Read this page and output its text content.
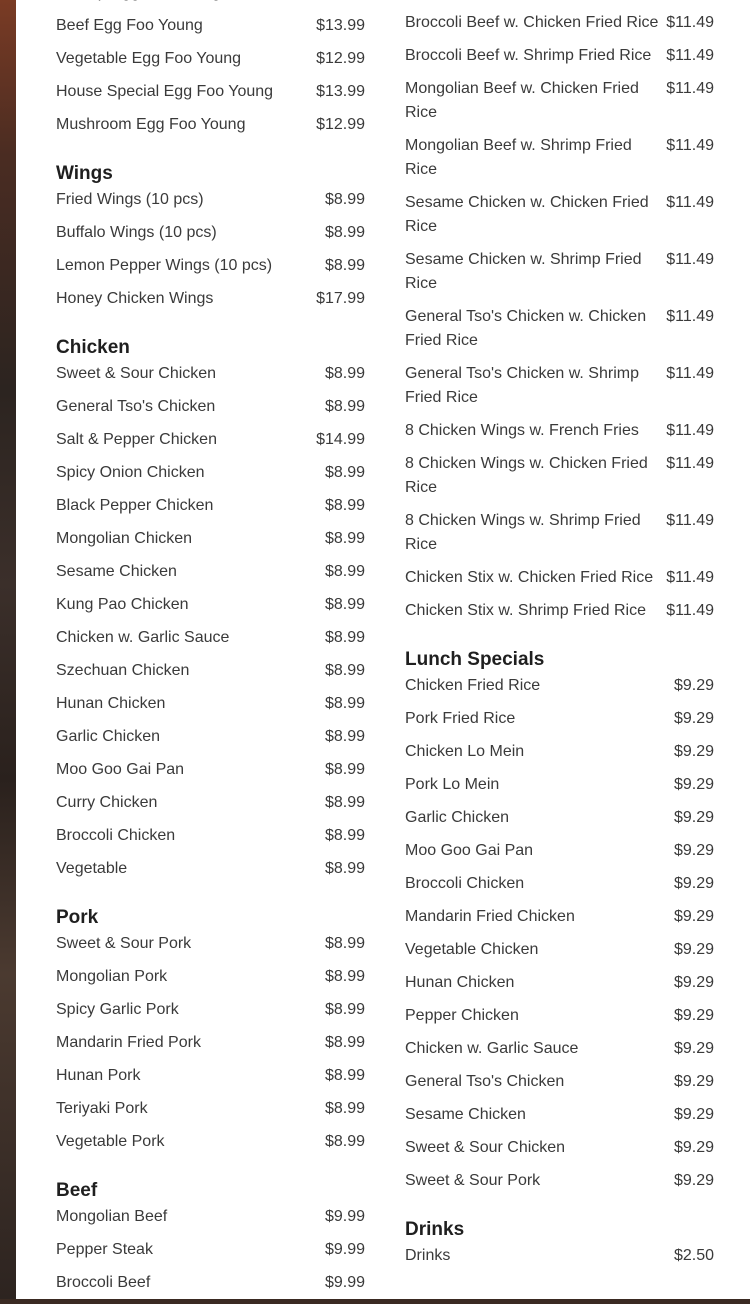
Beef Egg Foo Young	$13.99
Vegetable Egg Foo Young	$12.99
House Special Egg Foo Young	$13.99
Mushroom Egg Foo Young	$12.99
Wings
Fried Wings (10 pcs)	$8.99
Buffalo Wings (10 pcs)	$8.99
Lemon Pepper Wings (10 pcs)	$8.99
Honey Chicken Wings	$17.99
Chicken
Sweet & Sour Chicken	$8.99
General Tso's Chicken	$8.99
Salt & Pepper Chicken	$14.99
Spicy Onion Chicken	$8.99
Black Pepper Chicken	$8.99
Mongolian Chicken	$8.99
Sesame Chicken	$8.99
Kung Pao Chicken	$8.99
Chicken w. Garlic Sauce	$8.99
Szechuan Chicken	$8.99
Hunan Chicken	$8.99
Garlic Chicken	$8.99
Moo Goo Gai Pan	$8.99
Curry Chicken	$8.99
Broccoli Chicken	$8.99
Vegetable	$8.99
Pork
Sweet & Sour Pork	$8.99
Mongolian Pork	$8.99
Spicy Garlic Pork	$8.99
Mandarin Fried Pork	$8.99
Hunan Pork	$8.99
Teriyaki Pork	$8.99
Vegetable Pork	$8.99
Beef
Mongolian Beef	$9.99
Pepper Steak	$9.99
Broccoli Beef	$9.99
Broccoli Beef w. Chicken Fried Rice $11.49
Broccoli Beef w. Shrimp Fried Rice $11.49
Mongolian Beef w. Chicken Fried Rice
$11.49
Mongolian Beef w. Shrimp Fried Rice
$11.49
Sesame Chicken w. Chicken Fried Rice
$11.49
Sesame Chicken w. Shrimp Fried Rice
$11.49
General Tso's Chicken w. Chicken Fried Rice
$11.49
General Tso's Chicken w. Shrimp Fried Rice
$11.49
8 Chicken Wings w. French Fries	$11.49
8 Chicken Wings w. Chicken Fried Rice
$11.49
8 Chicken Wings w. Shrimp Fried Rice
$11.49
Chicken Stix w. Chicken Fried Rice $11.49
Chicken Stix w. Shrimp Fried Rice	$11.49
Lunch Specials
Chicken Fried Rice	$9.29
Pork Fried Rice	$9.29
Chicken Lo Mein	$9.29
Pork Lo Mein	$9.29
Garlic Chicken	$9.29
Moo Goo Gai Pan	$9.29
Broccoli Chicken	$9.29
Mandarin Fried Chicken	$9.29
Vegetable Chicken	$9.29
Hunan Chicken	$9.29
Pepper Chicken	$9.29
Chicken w. Garlic Sauce	$9.29
General Tso's Chicken	$9.29
Sesame Chicken	$9.29
Sweet & Sour Chicken	$9.29
Sweet & Sour Pork	$9.29
Drinks
Drinks	$2.50
